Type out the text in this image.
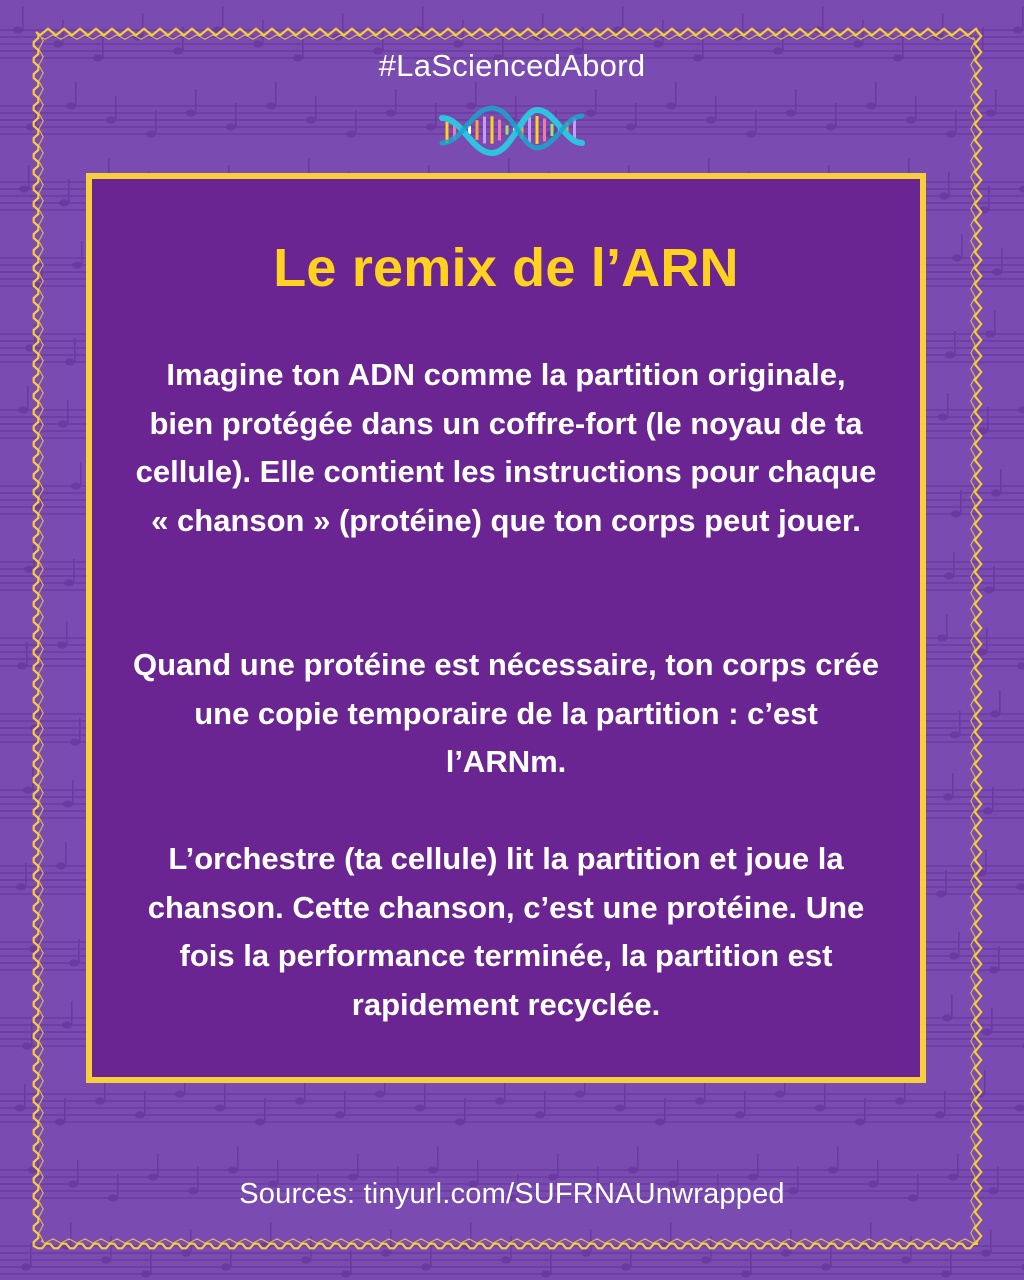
#LaSciencedAbord
Le remix de l’ARN
Imagine ton ADN comme la partition originale, bien protégée dans un coffre-fort (le noyau de ta cellule). Elle contient les instructions pour chaque « chanson » (protéine) que ton corps peut jouer.
Quand une protéine est nécessaire, ton corps crée une copie temporaire de la partition : c’est l’ARNm.
L’orchestre (ta cellule) lit la partition et joue la chanson. Cette chanson, c’est une protéine. Une fois la performance terminée, la partition est rapidement recyclée.
Sources: tinyurl.com/SUFRNAUnwrapped
